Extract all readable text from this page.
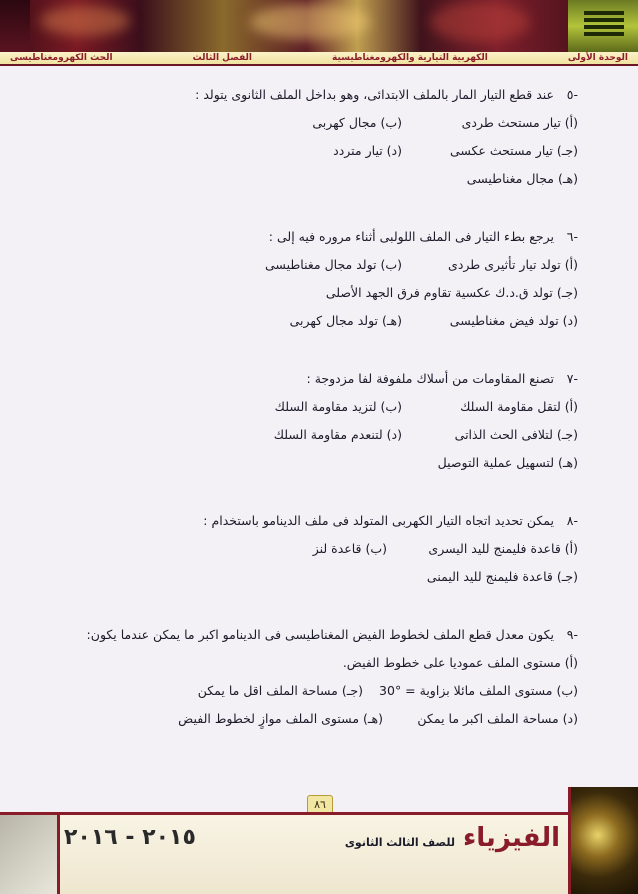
الوحدة الأولى
الكهربية التيارية والكهرومغناطيسية
الفصل الثالث
الحث الكهرومغناطيسى
-٥ عند قطع التيار المار بالملف الابتدائى، وهو بداخل الملف الثانوى يتولد :
(أ) تيار مستحث طردى
(ب) مجال كهربى
(جـ) تيار مستحث عكسى
(د) تيار متردد
(هـ) مجال مغناطيسى
-٦ يرجع بطء التيار فى الملف اللولبى أثناء مروره فيه إلى :
(أ) تولد تيار تأثيرى طردى
(ب) تولد مجال مغناطيسى
(جـ) تولد ق.د.ك عكسية تقاوم فرق الجهد الأصلى
(د) تولد فيض مغناطيسى
(هـ) تولد مجال كهربى
-٧ تصنع المقاومات من أسلاك ملفوفة لفا مزدوجة :
(أ) لتقل مقاومة السلك
(ب) لتزيد مقاومة السلك
(جـ) لتلافى الحث الذاتى
(د) لتنعدم مقاومة السلك
(هـ) لتسهيل عملية التوصيل
-٨ يمكن تحديد اتجاه التيار الكهربى المتولد فى ملف الدينامو باستخدام :
(أ) قاعدة فليمنج لليد اليسرى
(ب) قاعدة لنز
(جـ) قاعدة فليمنج لليد اليمنى
-٩ يكون معدل قطع الملف لخطوط الفيض المغناطيسى فى الدينامو اكبر ما يمكن عندما يكون:
(أ) مستوى الملف عموديا على خطوط الفيض.
(ب) مستوى الملف مائلا بزاوية = °30
(جـ) مساحة الملف اقل ما يمكن
(د) مساحة الملف اكبر ما يمكن
(هـ) مستوى الملف موازٍ لخطوط الفيض
٨٦
الفيزياء
للصف الثالث الثانوى
٢٠١٥ - ٢٠١٦
